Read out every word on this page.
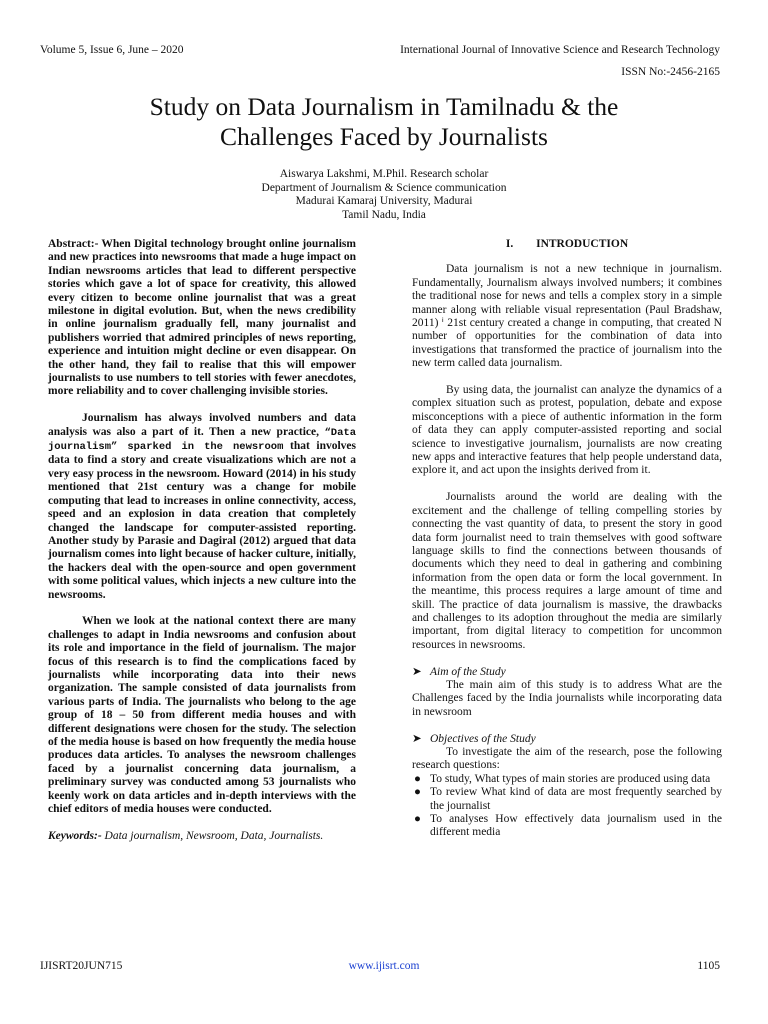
Volume 5, Issue 6, June – 2020	International Journal of Innovative Science and Research Technology
ISSN No:-2456-2165
Study on Data Journalism in Tamilnadu & the
Challenges Faced by Journalists
Aiswarya Lakshmi, M.Phil. Research scholar
Department of Journalism & Science communication
Madurai Kamaraj University, Madurai
Tamil Nadu, India

Abstract:- When Digital technology brought online journalism and new practices into newsrooms that made a huge impact on Indian newsrooms articles that lead to different perspective stories which gave a lot of space for creativity, this allowed every citizen to become online journalist that was a great milestone in digital evolution. But, when the news credibility in online journalism gradually fell, many journalist and publishers worried that admired principles of news reporting, experience and intuition might decline or even disappear. On the other hand, they fail to realise that this will empower journalists to use numbers to tell stories with fewer anecdotes, more reliability and to cover challenging invisible stories.

Journalism has always involved numbers and data analysis was also a part of it. Then a new practice, “Data journalism” sparked in the newsroom that involves data to find a story and create visualizations which are not a very easy process in the newsroom. Howard (2014) in his study mentioned that 21st century was a change for mobile computing that lead to increases in online connectivity, access, speed and an explosion in data creation that completely changed the landscape for computer-assisted reporting. Another study by Parasie and Dagiral (2012) argued that data journalism comes into light because of hacker culture, initially, the hackers deal with the open-source and open government with some political values, which injects a new culture into the newsrooms.

When we look at the national context there are many challenges to adapt in India newsrooms and confusion about its role and importance in the field of journalism. The major focus of this research is to find the complications faced by journalists while incorporating data into their news organization. The sample consisted of data journalists from various parts of India. The journalists who belong to the age group of 18 – 50 from different media houses and with different designations were chosen for the study. The selection of the media house is based on how frequently the media house produces data articles. To analyses the newsroom challenges faced by a journalist concerning data journalism, a preliminary survey was conducted among 53 journalists who keenly work on data articles and in-depth interviews with the chief editors of media houses were conducted.

Keywords:- Data journalism, Newsroom, Data, Journalists.

I. INTRODUCTION

Data journalism is not a new technique in journalism. Fundamentally, Journalism always involved numbers; it combines the traditional nose for news and tells a complex story in a simple manner along with reliable visual representation (Paul Bradshaw, 2011) ⁱ 21st century created a change in computing, that created N number of opportunities for the combination of data into investigations that transformed the practice of journalism into the new term called data journalism.

By using data, the journalist can analyze the dynamics of a complex situation such as protest, population, debate and expose misconceptions with a piece of authentic information in the form of data they can apply computer-assisted reporting and social science to investigative journalism, journalists are now creating new apps and interactive features that help people understand data, explore it, and act upon the insights derived from it.

Journalists around the world are dealing with the excitement and the challenge of telling compelling stories by connecting the vast quantity of data, to present the story in good data form journalist need to train themselves with good software language skills to find the connections between thousands of documents which they need to deal in gathering and combining information from the open data or form the local government. In the meantime, this process requires a large amount of time and skill. The practice of data journalism is massive, the drawbacks and challenges to its adoption throughout the media are similarly important, from digital literacy to competition for uncommon resources in newsrooms.

➤ Aim of the Study

The main aim of this study is to address What are the Challenges faced by the India journalists while incorporating data in newsroom

➤ Objectives of the Study

To investigate the aim of the research, pose the following research questions:

● To study, What types of main stories are produced using data
● To review What kind of data are most frequently searched by the journalist
● To analyses How effectively data journalism used in the different media
IJISRT20JUN715	www.ijisrt.com	1105
